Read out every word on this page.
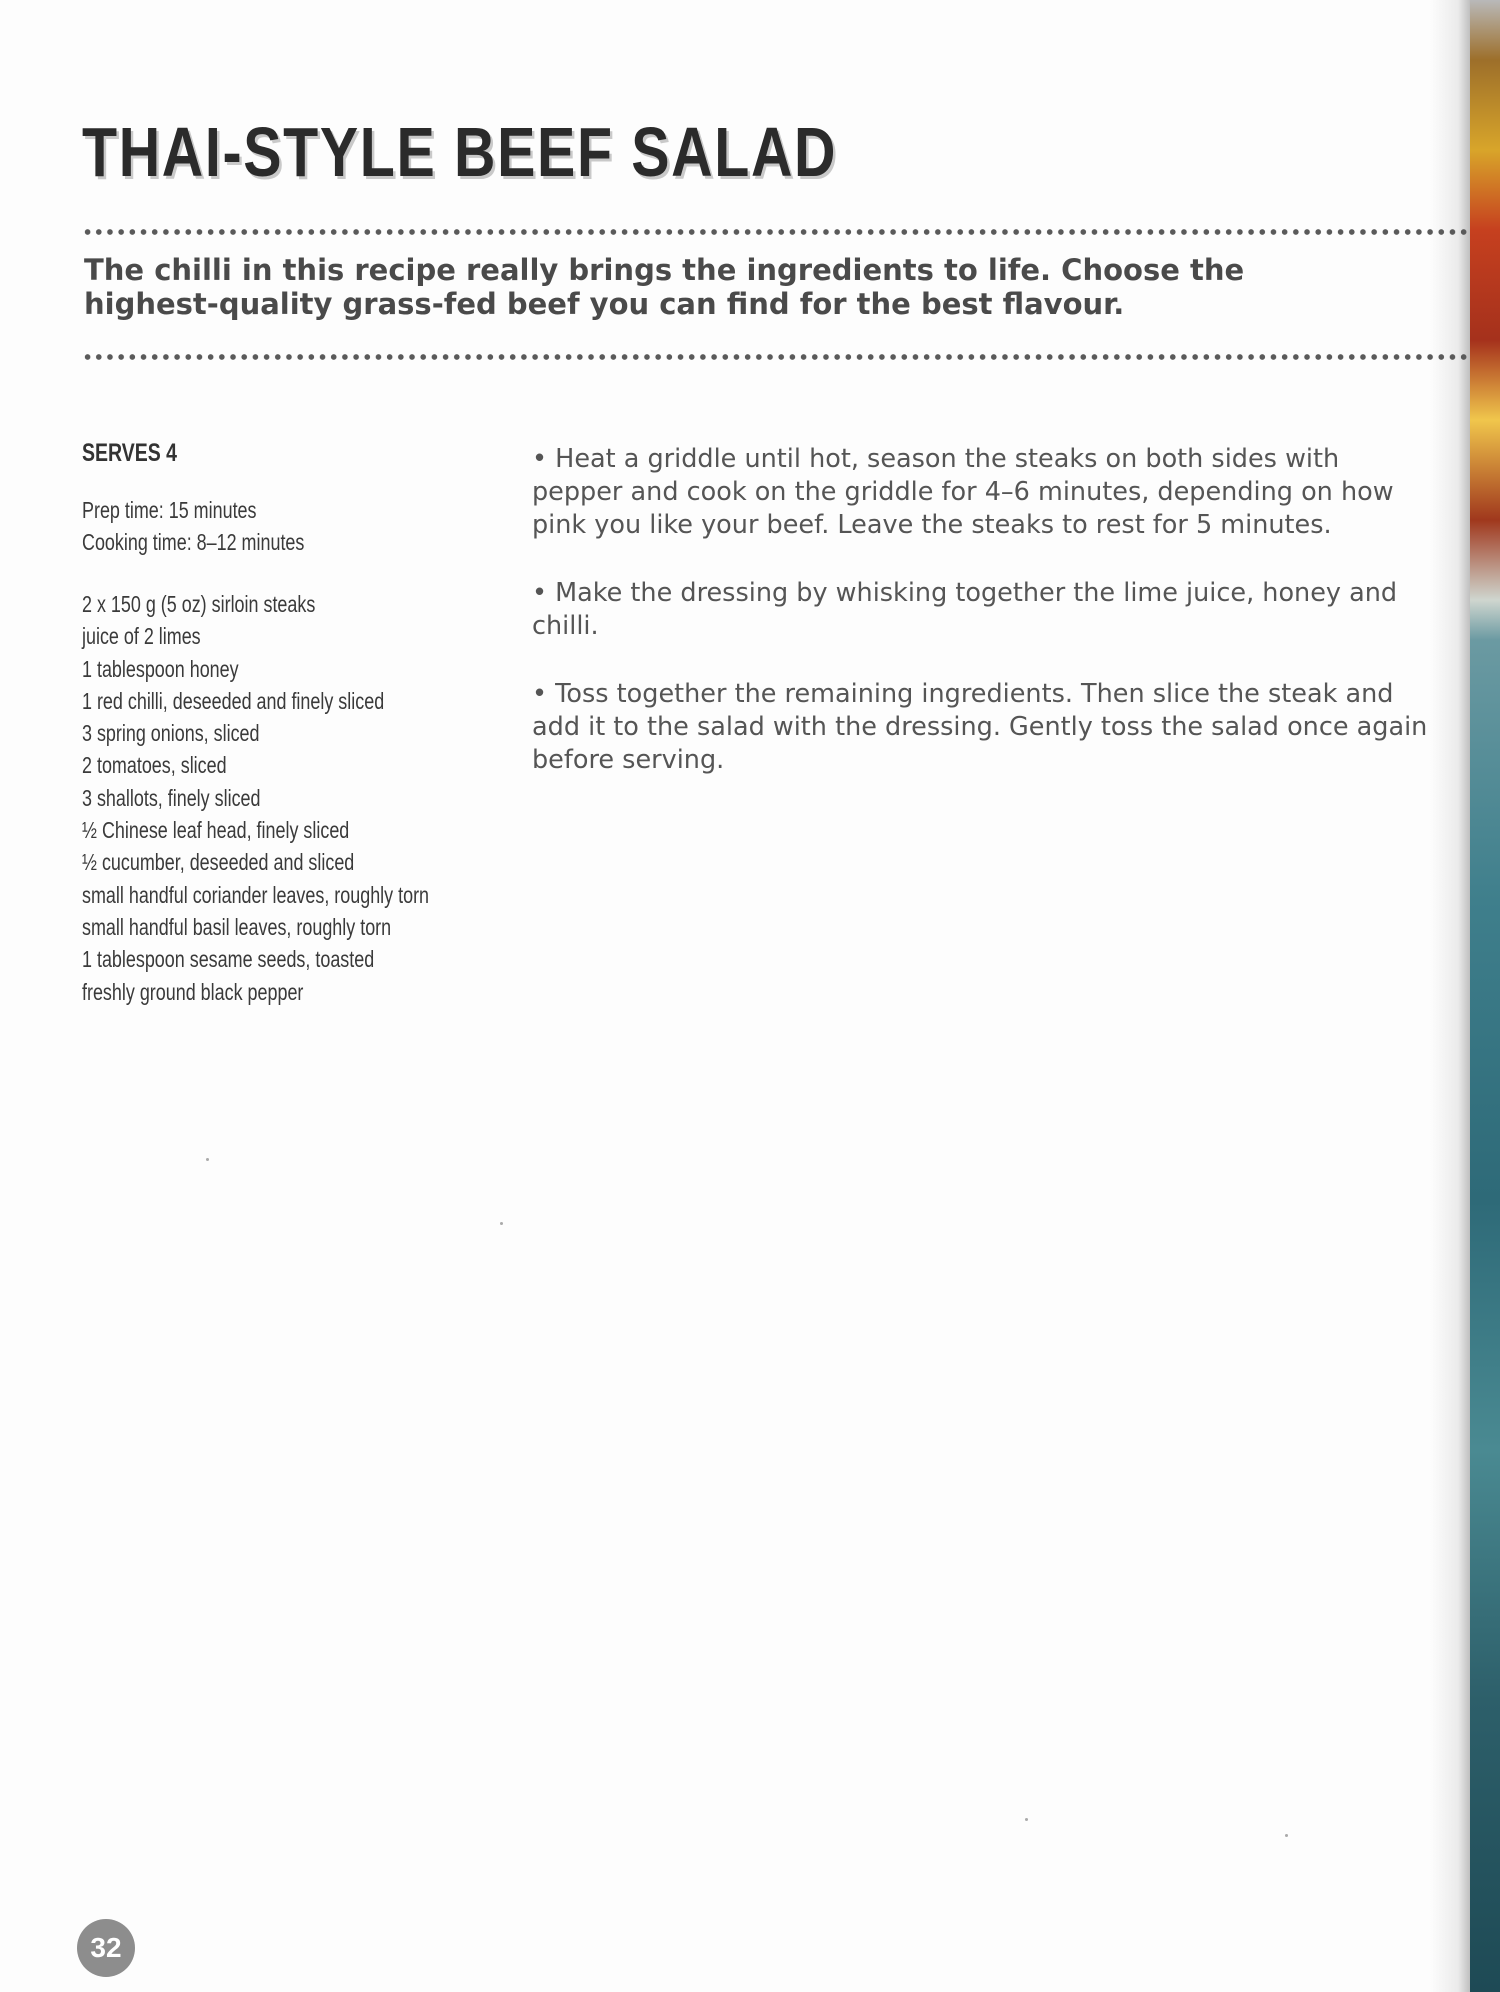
THAI-STYLE BEEF SALAD

The chilli in this recipe really brings the ingredients to life. Choose the highest-quality grass-fed beef you can find for the best flavour.

SERVES 4
Prep time: 15 minutes
Cooking time: 8–12 minutes
2 x 150 g (5 oz) sirloin steaks
juice of 2 limes
1 tablespoon honey
1 red chilli, deseeded and finely sliced
3 spring onions, sliced
2 tomatoes, sliced
3 shallots, finely sliced
½ Chinese leaf head, finely sliced
½ cucumber, deseeded and sliced
small handful coriander leaves, roughly torn
small handful basil leaves, roughly torn
1 tablespoon sesame seeds, toasted
freshly ground black pepper

• Heat a griddle until hot, season the steaks on both sides with pepper and cook on the griddle for 4–6 minutes, depending on how pink you like your beef. Leave the steaks to rest for 5 minutes.

• Make the dressing by whisking together the lime juice, honey and chilli.

• Toss together the remaining ingredients. Then slice the steak and add it to the salad with the dressing. Gently toss the salad once again before serving.

32
